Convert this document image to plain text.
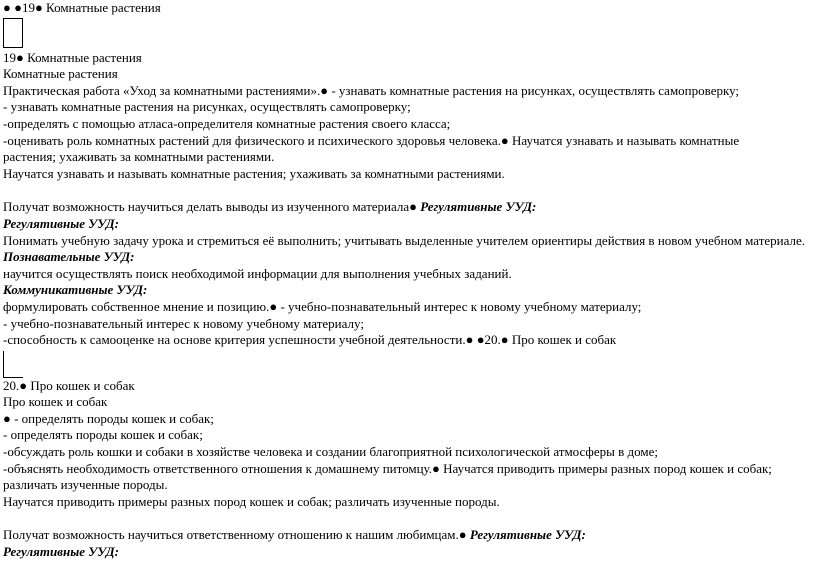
● ●19● Комнатные растения
19● Комнатные растения
Комнатные растения
Практическая работа «Уход за комнатными растениями».● - узнавать комнатные растения на рисунках, осуществлять самопроверку;
- узнавать комнатные растения на рисунках, осуществлять самопроверку;
-определять с помощью атласа-определителя комнатные растения своего класса;
-оценивать роль комнатных растений для физического и психического здоровья человека.● Научатся узнавать и называть комнатные растения; ухаживать за комнатными растениями.
Научатся узнавать и называть комнатные растения; ухаживать за комнатными растениями.
Получат возможность научиться делать выводы из изученного материала● Регулятивные УУД:
Регулятивные УУД:
Понимать учебную задачу урока и стремиться её выполнить; учитывать выделенные учителем ориентиры действия в новом учебном материале.
Познавательные УУД:
научится осуществлять поиск необходимой информации для выполнения учебных заданий.
Коммуникативные УУД:
формулировать собственное мнение и позицию.● - учебно-познавательный интерес к новому учебному материалу;
- учебно-познавательный интерес к новому учебному материалу;
-способность к самооценке на основе критерия успешности учебной деятельности.● ●20.● Про кошек и собак
20.● Про кошек и собак
Про кошек и собак
● - определять породы кошек и собак;
- определять породы кошек и собак;
-обсуждать роль кошки и собаки в хозяйстве человека и создании благоприятной психологической атмосферы в доме;
-объяснять необходимость ответственного отношения к домашнему питомцу.● Научатся приводить примеры разных пород кошек и собак; различать изученные породы.
Научатся приводить примеры разных пород кошек и собак; различать изученные породы.
Получат возможность научиться ответственному отношению к нашим любимцам.● Регулятивные УУД:
Регулятивные УУД:
